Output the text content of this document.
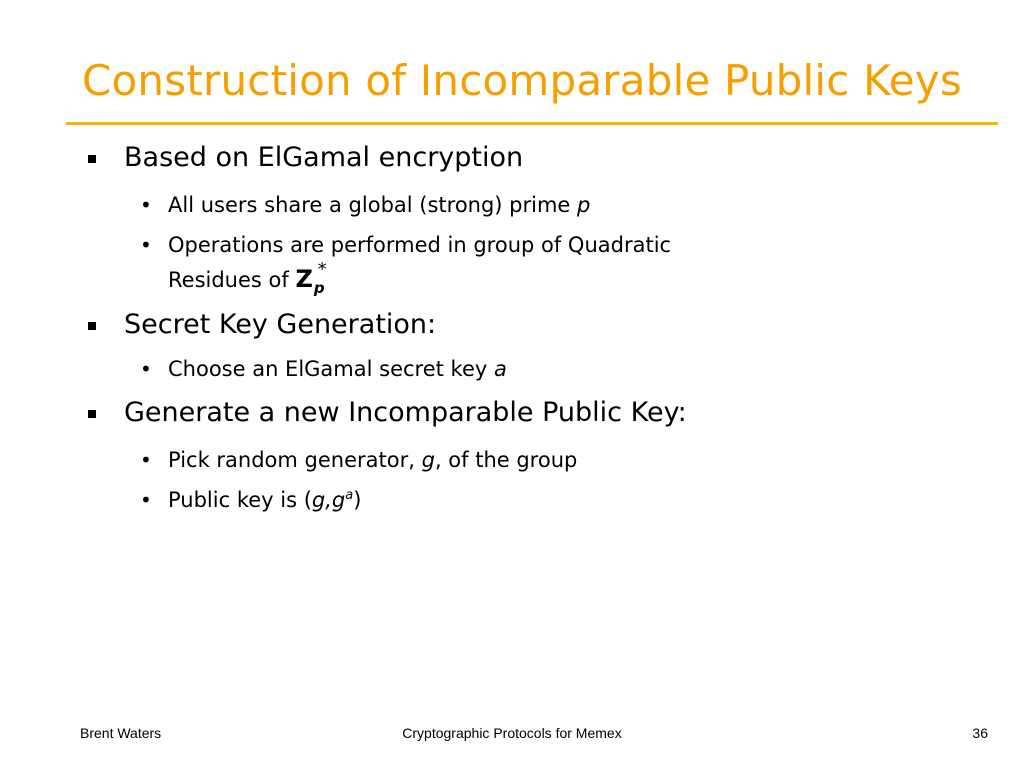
Construction of Incomparable Public Keys
Based on ElGamal encryption
• All users share a global (strong) prime p
• Operations are performed in group of Quadratic
Residues of $Z_p^*$
Secret Key Generation:
• Choose an ElGamal secret key a
Generate a new Incomparable Public Key:
• Pick random generator, g, of the group
• Public key is $(g,g^a)$
Brent Waters	Cryptographic Protocols for Memex	36
